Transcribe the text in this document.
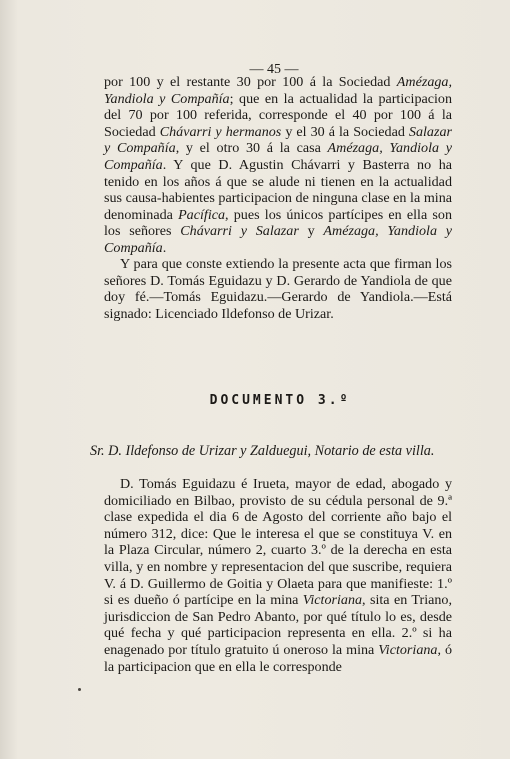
— 45 —
por 100 y el restante 30 por 100 á la Sociedad Amézaga, Yandiola y Compañía; que en la actualidad la participacion del 70 por 100 referida, corresponde el 40 por 100 á la Sociedad Chávarri y hermanos y el 30 á la Sociedad Salazar y Compañía, y el otro 30 á la casa Amézaga, Yandiola y Compañía. Y que D. Agustin Chávarri y Basterra no ha tenido en los años á que se alude ni tienen en la actualidad sus causa-habientes participacion de ninguna clase en la mina denominada Pacífica, pues los únicos partícipes en ella son los señores Chávarri y Salazar y Amézaga, Yandiola y Compañía.
Y para que conste extiendo la presente acta que firman los señores D. Tomás Eguidazu y D. Gerardo de Yandiola de que doy fé.—Tomás Eguidazu.—Gerardo de Yandiola.—Está signado: Licenciado Ildefonso de Urizar.
DOCUMENTO 3.º
Sr. D. Ildefonso de Urizar y Zalduegui, Notario de esta villa.
D. Tomás Eguidazu é Irueta, mayor de edad, abogado y domiciliado en Bilbao, provisto de su cédula personal de 9.ª clase expedida el dia 6 de Agosto del corriente año bajo el número 312, dice: Que le interesa el que se constituya V. en la Plaza Circular, número 2, cuarto 3.º de la derecha en esta villa, y en nombre y representacion del que suscribe, requiera V. á D. Guillermo de Goitia y Olaeta para que manifieste: 1.º si es dueño ó partícipe en la mina Victoriana, sita en Triano, jurisdiccion de San Pedro Abanto, por qué título lo es, desde qué fecha y qué participacion representa en ella. 2.º si ha enagenado por título gratuito ú oneroso la mina Victoriana, ó la participacion que en ella le corresponde
